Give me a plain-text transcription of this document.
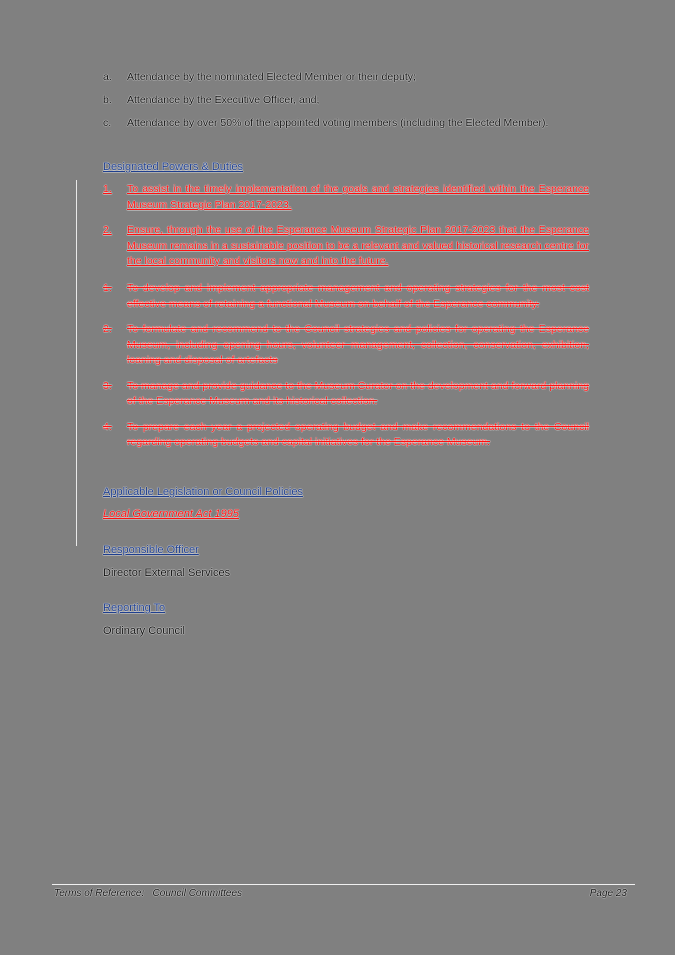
a.	Attendance by the nominated Elected Member or their deputy;
b.	Attendance by the Executive Officer, and;
c.	Attendance by over 50% of the appointed voting members (including the Elected Member).
Designated Powers & Duties
1.	To assist in the timely implementation of the goals and strategies identified within the Esperance Museum Strategic Plan 2017-2023.
2.	Ensure, through the use of the Esperance Museum Strategic Plan 2017-2023 that the Esperance Museum remains in a sustainable position to be a relevant and valued historical research centre for the local community and visitors now and into the future.
1.	To develop and implement appropriate management and operating strategies for the most cost effective means of retaining a functional Museum on behalf of the Esperance community.
2.	To formulate and recommend to the Council strategies and policies for operating the Esperance Museum, including opening hours, volunteer management, collection, conservation, exhibition, loaning and disposal of artefacts
3.	To manage and provide guidance to the Museum Curator on the development and forward planning of the Esperance Museum and its historical collection.
4.	To prepare each year a projected operating budget and make recommendations to the Council regarding operating budgets and capital initiatives for the Esperance Museum.
Applicable Legislation or Council Policies
Local Government Act 1995
Responsible Officer
Director External Services
Reporting To
Ordinary Council
Terms of Reference:   Council Committees	Page 23
